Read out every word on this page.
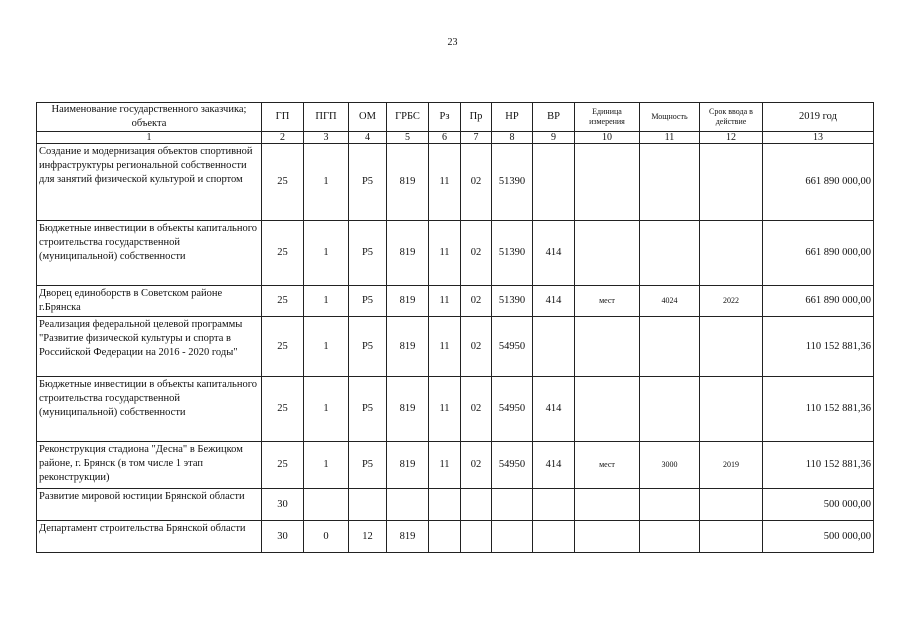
23
Наименование государственного заказчика; объекта	ГП	ПГП	ОМ	ГРБС	Рз	Пр	НР	ВР	Единица измерения	Мощность	Срок ввода в действие	2019 год
1	2	3	4	5	6	7	8	9	10	11	12	13
Создание и модернизация объектов спортивной инфраструктуры региональной собственности для занятий физической культурой и спортом	25	1	Р5	819	11	02	51390					661 890 000,00
Бюджетные инвестиции в объекты капитального строительства государственной (муниципальной) собственности	25	1	Р5	819	11	02	51390	414				661 890 000,00
Дворец единоборств в Советском районе г.Брянска	25	1	Р5	819	11	02	51390	414	мест	4024	2022	661 890 000,00
Реализация федеральной целевой программы "Развитие физической культуры и спорта в Российской Федерации на 2016 - 2020 годы"	25	1	Р5	819	11	02	54950					110 152 881,36
Бюджетные инвестиции в объекты капитального строительства государственной (муниципальной) собственности	25	1	Р5	819	11	02	54950	414				110 152 881,36
Реконструкция стадиона "Десна" в Бежицком районе, г. Брянск (в том числе 1 этап реконструкции)	25	1	Р5	819	11	02	54950	414	мест	3000	2019	110 152 881,36
Развитие мировой юстиции Брянской области	30											500 000,00
Департамент строительства Брянской области	30	0	12	819								500 000,00
